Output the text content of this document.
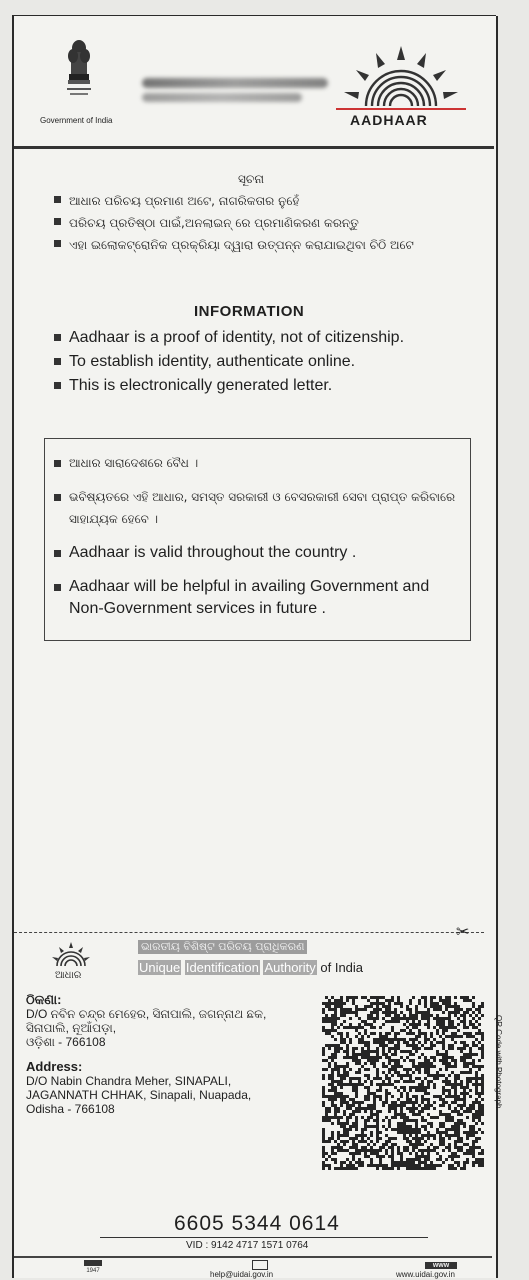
Government of India	AADHAAR
ସୂଚନା
ଆଧାର ପରିଚୟ ପ୍ରମାଣ ଅଟେ, ନାଗରିକତାର ନୁହେଁ
ପରିଚୟ ପ୍ରତିଷ୍ଠା ପାଇଁ,ଅନଲାଇନ୍ ରେ ପ୍ରମାଣିକରଣ କରନ୍ତୁ
ଏହା ଇଲୋକଟ୍ରୋନିକ ପ୍ରକ୍ରିୟା ଦ୍ୱାରା ଉତ୍ପନ୍ନ କରାଯାଇଥିବା ଚିଠି ଅଟେ
INFORMATION
Aadhaar is a proof of identity, not of citizenship.
To establish identity, authenticate online.
This is electronically generated letter.
ଆଧାର ସାରାଦେଶରେ ବୈଧ ।
ଭବିଷ୍ୟତରେ ଏହି ଆଧାର, ସମସ୍ତ ସରକାରୀ ଓ ବେସରକାରୀ ସେବା ପ୍ରାପ୍ତ କରିବାରେ ସାହାଯ୍ୟକ ହେବେ ।
Aadhaar is valid throughout the country .
Aadhaar will be helpful in availing Government and Non-Government services in future .
✂
ଆଧାର
ଭାରତୀୟ ବିଶିଷ୍ଟ ପରିଚୟ ପ୍ରାଧିକରଣ
Unique Identification Authority of India
ଠିକଣା:
D/O ନବିନ ଚନ୍ଦ୍ର ମେହେର, ସିନାପାଲି, ଜଗନ୍ନାଥ ଛକ,
ସିନାପାଲି, ନୂଆଁପଡ଼ା,
ଓଡ଼ିଶା - 766108
Address:
D/O Nabin Chandra Meher, SINAPALI,
JAGANNATH CHHAK, Sinapali, Nuapada,
Odisha - 766108
QR Code with Photograph
6605 5344 0614
VID : 9142 4717 1571 0764
1947	help@uidai.gov.in
www
www.uidai.gov.in
